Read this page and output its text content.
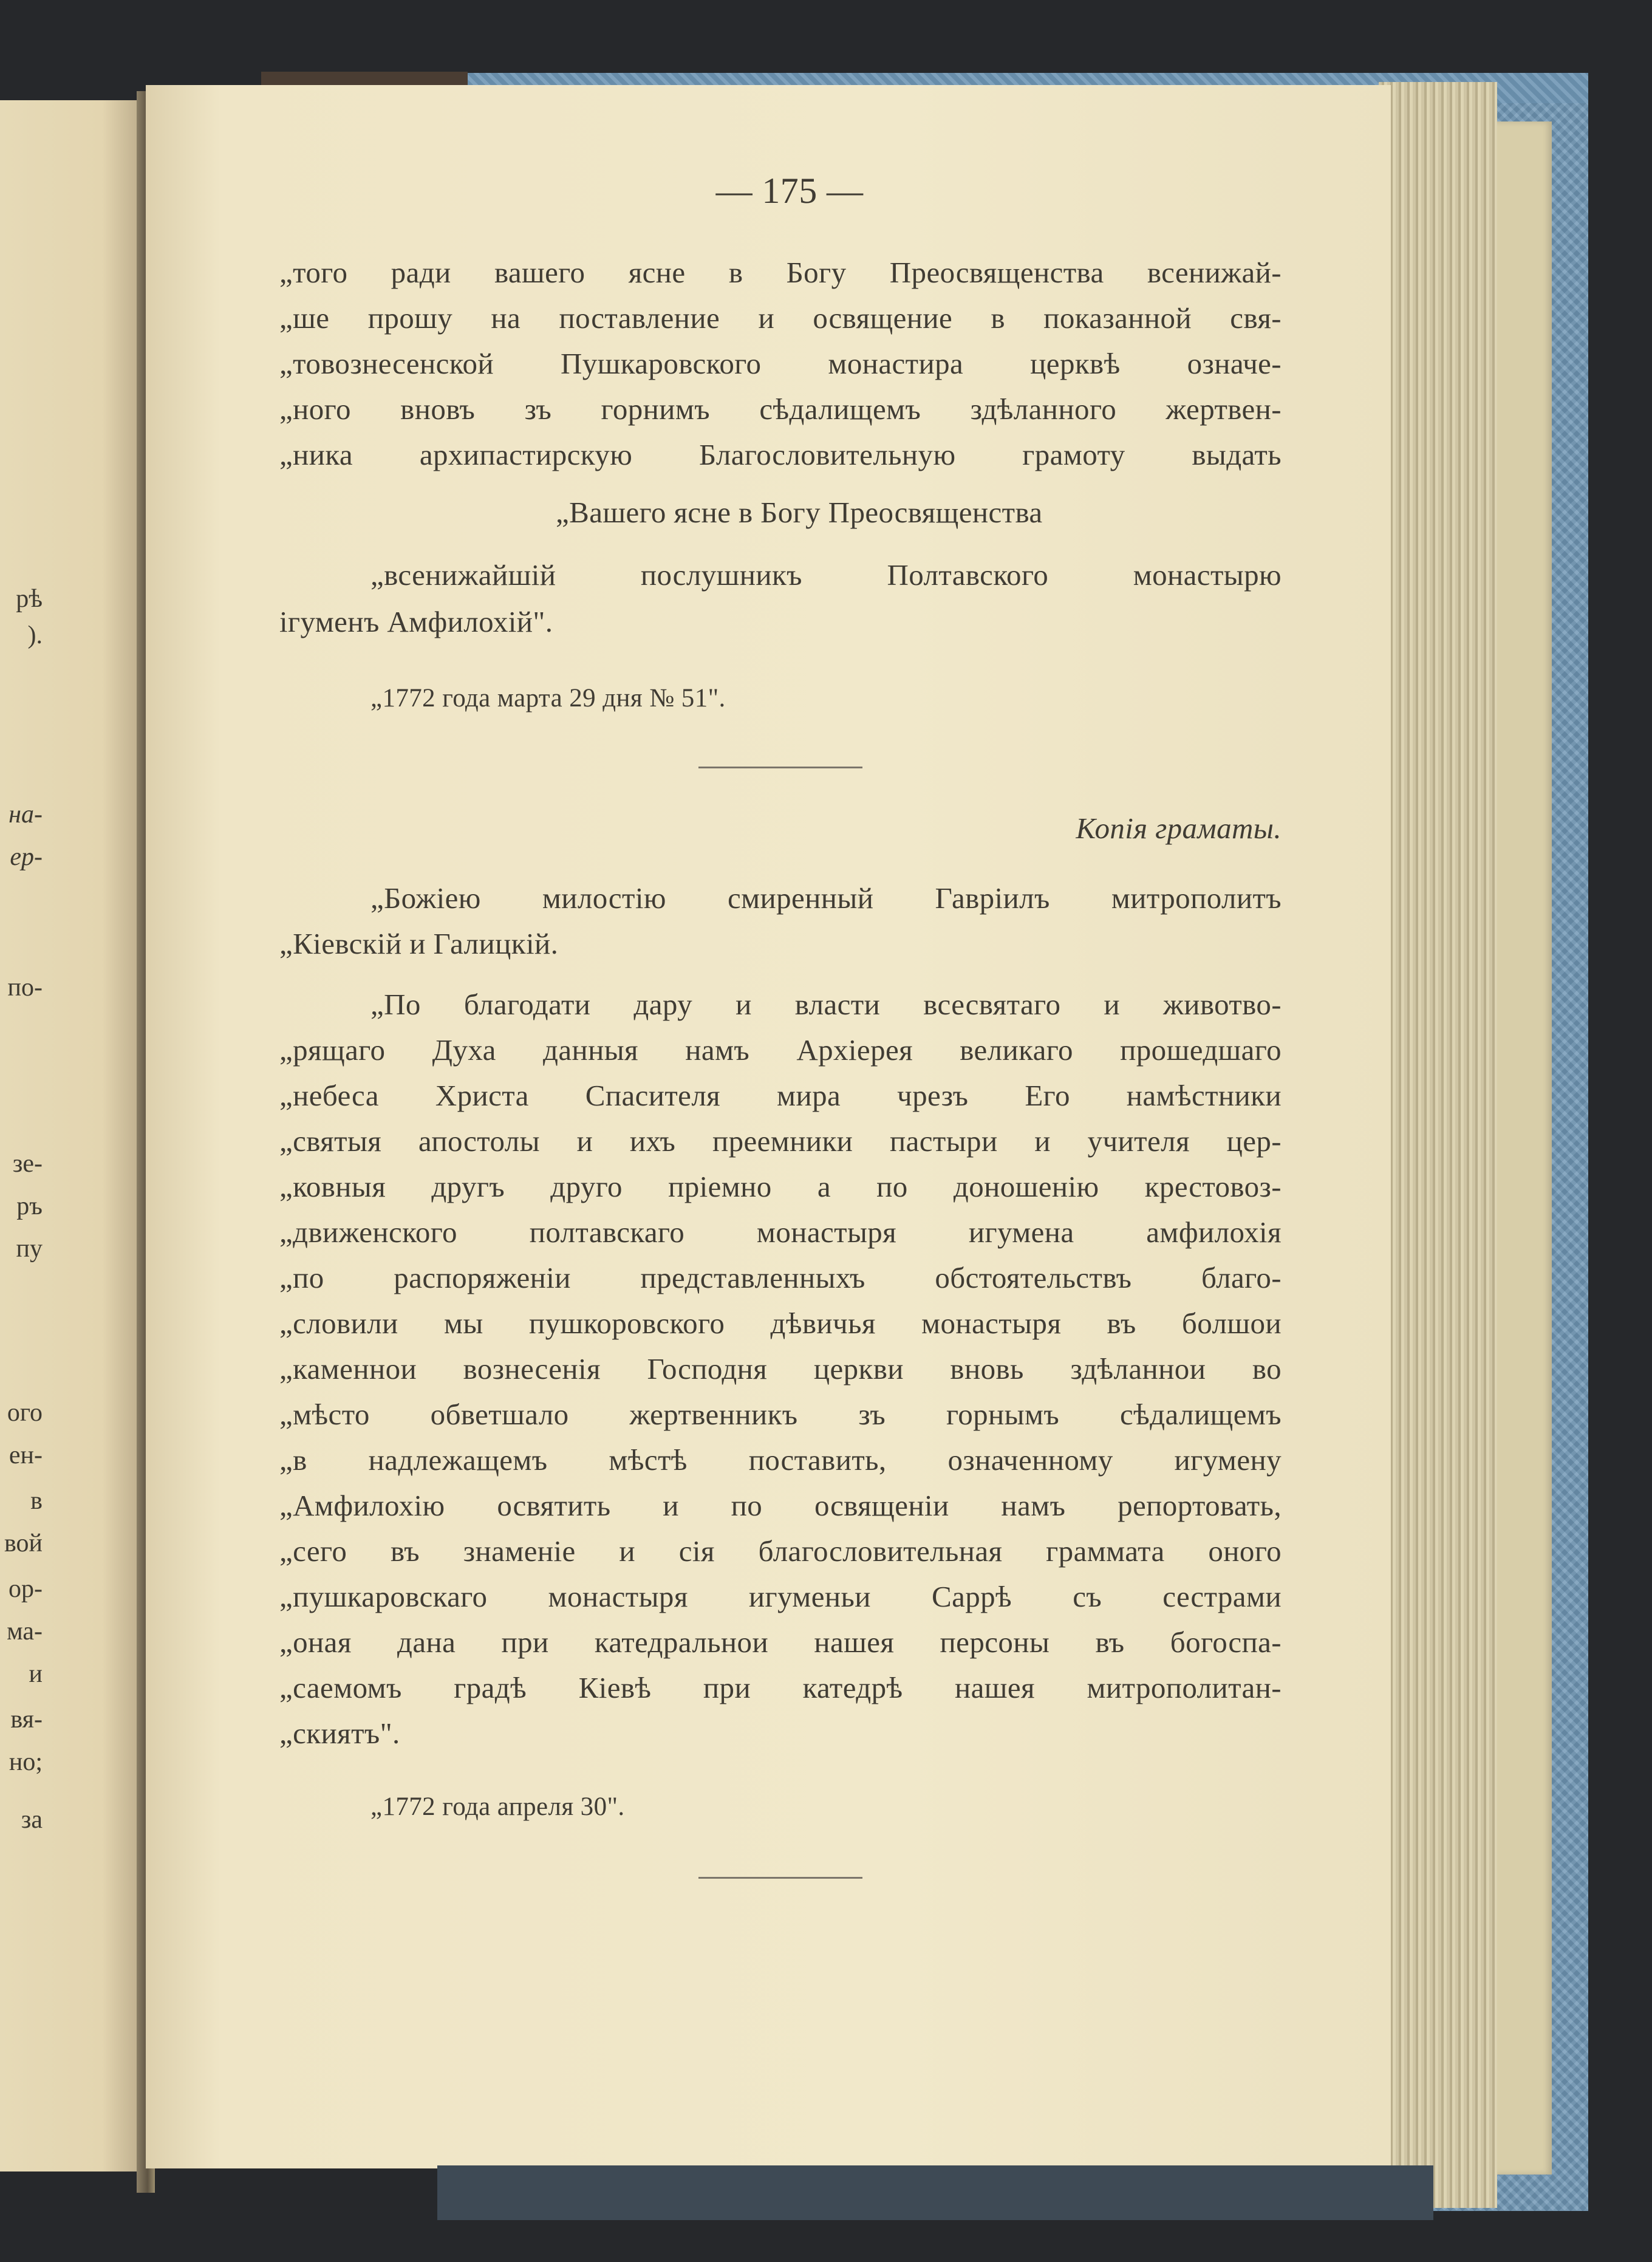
рѣ
).
на-
ер-
по-
зе-
ръ
пу
ого
ен-
в
вой
ор-
ма-
и
вя-
но;
за
— 175 —
„того ради вашего ясне в Богу Преосвященства всенижай-
„ше прошу на поставление и освящение в показанной свя-
„товознесенской Пушкаровского монастира церквѣ означе-
„ного вновъ зъ горнимъ сѣдалищемъ здѣланного жертвен-
„ника архипастирскую Благословительную грамоту выдать
„Вашего ясне в Богу Преосвященства
„всенижайшій послушникъ Полтавского монастырю
ігуменъ Амфилохій".
„1772 года марта 29 дня № 51".
Копія грамaты.
„Божіею милостію смиренный Гавріилъ митрополитъ
„Кіевскій и Галицкій.
„По благодати дару и власти всесвятаго и животво-
„рящаго Духа данныя намъ Архіерея великаго прошедшаго
„небеса Христа Спасителя мира чрезъ Его намѣстники
„святыя апостолы и ихъ преемники пастыри и учителя цер-
„ковныя другъ друго пріемно а по доношенію крестовоз-
„движенского полтавскаго монастыря игумена амфилохія
„по распоряженіи представленныхъ обстоятельствъ благо-
„словили мы пушкоровского дѣвичья монастыря въ болшои
„каменнои вознесенія Господня церкви вновь здѣланнои во
„мѣсто обветшало жертвенникъ зъ горнымъ сѣдалищемъ
„в надлежащемъ мѣстѣ поставить, означенному игумену
„Амфилохію освятить и по освященіи намъ репортовать,
„сего въ знаменіе и сія благословительная граммата оного
„пушкаровскаго монастыря игуменьи Саррѣ съ сестрами
„оная дана при катедральнои нашея персоны въ богоспа-
„саемомъ градѣ Кіевѣ при катедрѣ нашея митрополитан-
„скиятъ".
„1772 года апреля 30".
